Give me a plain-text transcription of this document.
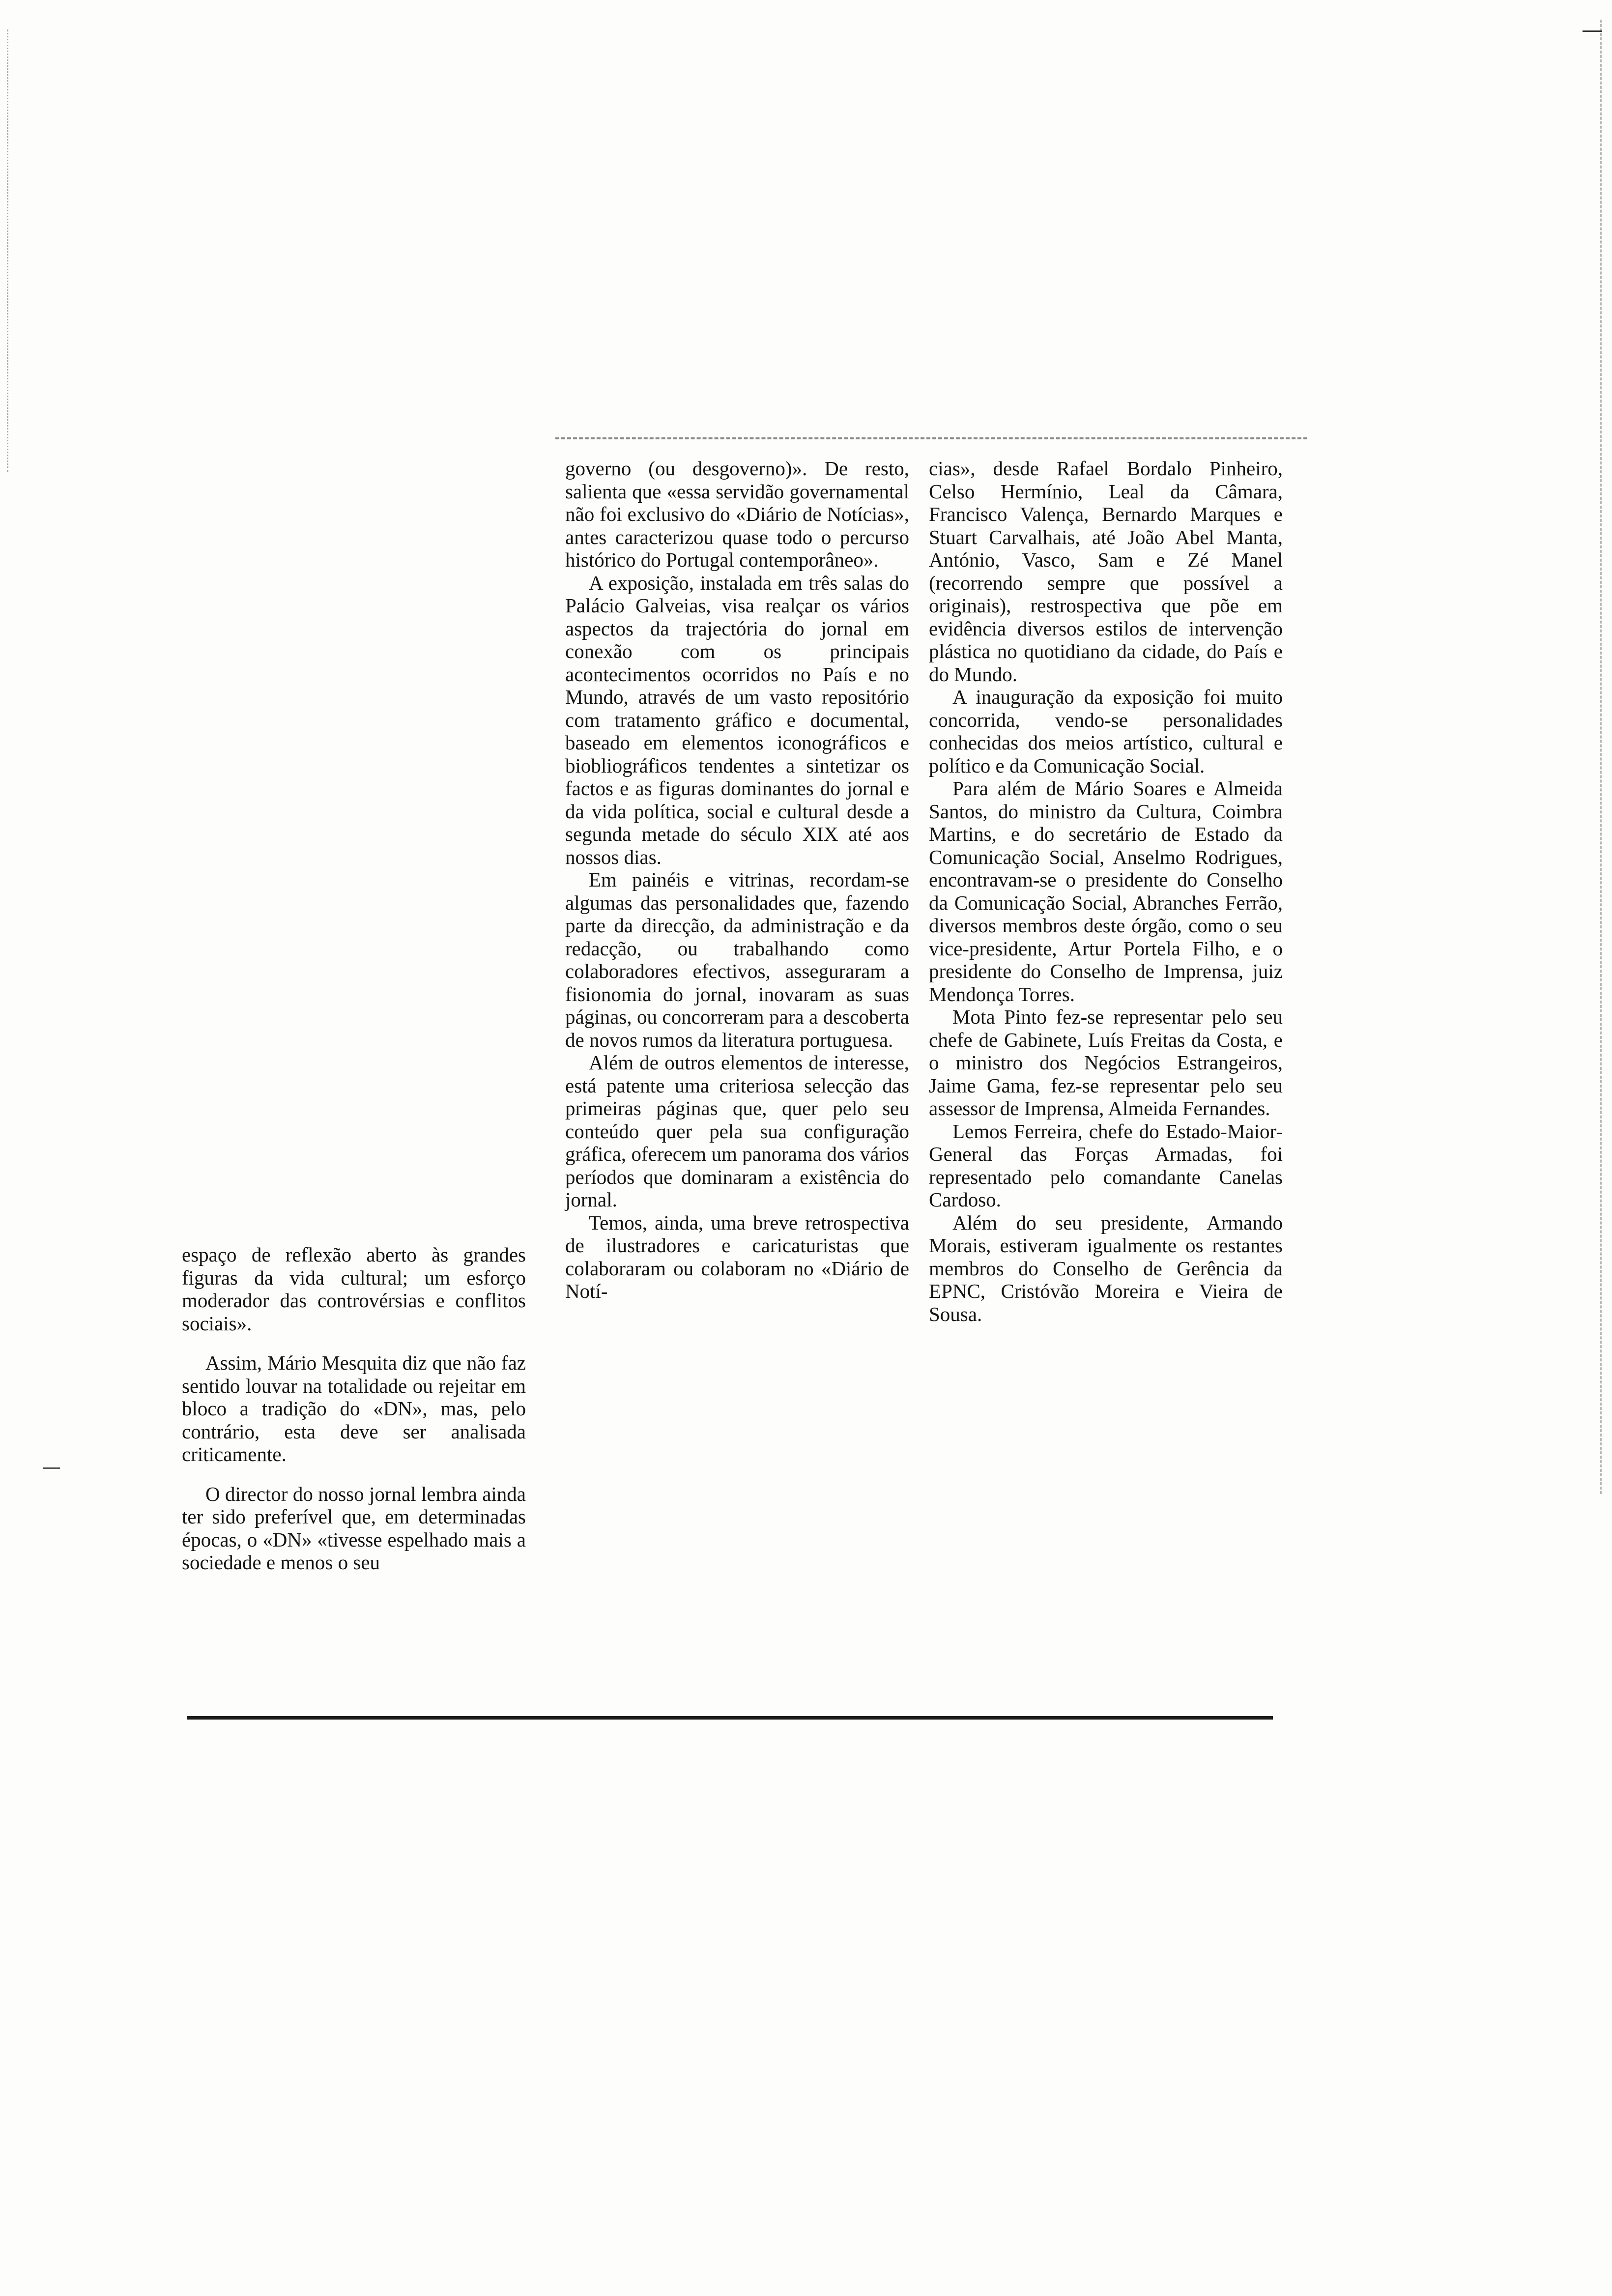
espaço de reflexão aberto às grandes figuras da vida cultural; um esforço moderador das controvérsias e conflitos sociais».

Assim, Mário Mesquita diz que não faz sentido louvar na totalidade ou rejeitar em bloco a tradição do «DN», mas, pelo contrário, esta deve ser analisada criticamente.

O director do nosso jornal lembra ainda ter sido preferível que, em determinadas épocas, o «DN» «tivesse espelhado mais a sociedade e menos o seu

governo (ou desgoverno)». De resto, salienta que «essa servidão governamental não foi exclusivo do «Diário de Notícias», antes caracterizou quase todo o percurso histórico do Portugal contemporâneo».

A exposição, instalada em três salas do Palácio Galveias, visa realçar os vários aspectos da trajectória do jornal em conexão com os principais acontecimentos ocorridos no País e no Mundo, através de um vasto repositório com tratamento gráfico e documental, baseado em elementos iconográficos e biobliográficos tendentes a sintetizar os factos e as figuras dominantes do jornal e da vida política, social e cultural desde a segunda metade do século XIX até aos nossos dias.

Em painéis e vitrinas, recordam-se algumas das personalidades que, fazendo parte da direcção, da administração e da redacção, ou trabalhando como colaboradores efectivos, asseguraram a fisionomia do jornal, inovaram as suas páginas, ou concorreram para a descoberta de novos rumos da literatura portuguesa.

Além de outros elementos de interesse, está patente uma criteriosa selecção das primeiras páginas que, quer pelo seu conteúdo quer pela sua configuração gráfica, oferecem um panorama dos vários períodos que dominaram a existência do jornal.

Temos, ainda, uma breve retrospectiva de ilustradores e caricaturistas que colaboraram ou colaboram no «Diário de Notí-

cias», desde Rafael Bordalo Pinheiro, Celso Hermínio, Leal da Câmara, Francisco Valença, Bernardo Marques e Stuart Carvalhais, até João Abel Manta, António, Vasco, Sam e Zé Manel (recorrendo sempre que possível a originais), restrospectiva que põe em evidência diversos estilos de intervenção plástica no quotidiano da cidade, do País e do Mundo.

A inauguração da exposição foi muito concorrida, vendo-se personalidades conhecidas dos meios artístico, cultural e político e da Comunicação Social.

Para além de Mário Soares e Almeida Santos, do ministro da Cultura, Coimbra Martins, e do secretário de Estado da Comunicação Social, Anselmo Rodrigues, encontravam-se o presidente do Conselho da Comunicação Social, Abranches Ferrão, diversos membros deste órgão, como o seu vice-presidente, Artur Portela Filho, e o presidente do Conselho de Imprensa, juiz Mendonça Torres.

Mota Pinto fez-se representar pelo seu chefe de Gabinete, Luís Freitas da Costa, e o ministro dos Negócios Estrangeiros, Jaime Gama, fez-se representar pelo seu assessor de Imprensa, Almeida Fernandes.

Lemos Ferreira, chefe do Estado-Maior-General das Forças Armadas, foi representado pelo comandante Canelas Cardoso.

Além do seu presidente, Armando Morais, estiveram igualmente os restantes membros do Conselho de Gerência da EPNC, Cristóvão Moreira e Vieira de Sousa.
